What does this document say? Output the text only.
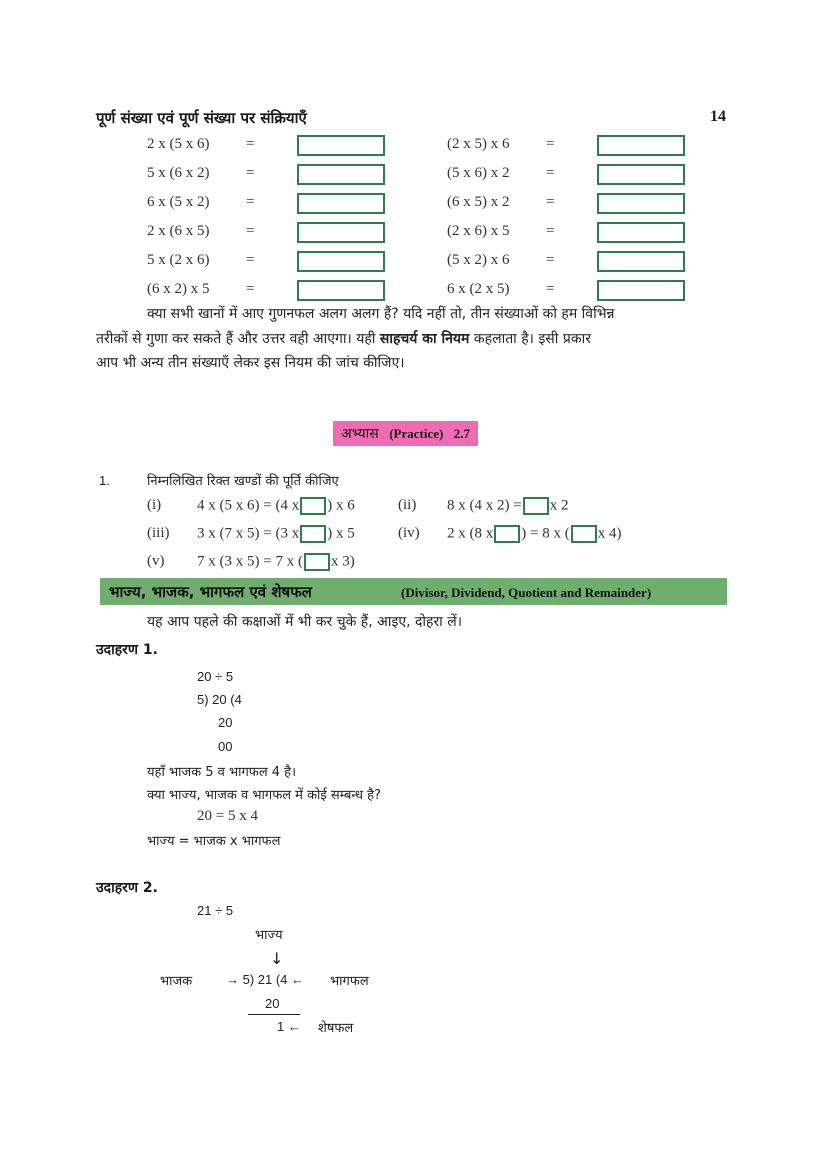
पूर्ण संख्या एवं पूर्ण संख्या पर संक्रियाएँ	14
2 x (5 x 6) =	(2 x 5) x 6 =
5 x (6 x 2) =	(5 x 6) x 2 =
6 x (5 x 2) =	(6 x 5) x 2 =
2 x (6 x 5) =	(2 x 6) x 5 =
5 x (2 x 6) =	(5 x 2) x 6 =
(6 x 2) x 5 =	6 x (2 x 5) =
क्या सभी खानों में आए गुणनफल अलग अलग हैं? यदि नहीं तो, तीन संख्याओं को हम विभिन्न
तरीकों से गुणा कर सकते हैं और उत्तर वही आएगा। यही साहचर्य का नियम कहलाता है। इसी प्रकार
आप भी अन्य तीन संख्याएँ लेकर इस नियम की जांच कीजिए।
अभ्यास (Practice) 2.7
1.	निम्नलिखित रिक्त खण्डों की पूर्ति कीजिए
(i) 4 x (5 x 6) = (4 x ) x 6	(ii) 8 x (4 x 2) = x 2
(iii) 3 x (7 x 5) = (3 x ) x 5	(iv) 2 x (8 x ) = 8 x ( x 4)
(v) 7 x (3 x 5) = 7 x ( x 3)
भाज्य, भाजक, भागफल एवं शेषफल	(Divisor, Dividend, Quotient and Remainder)
यह आप पहले की कक्षाओं में भी कर चुके हैं, आइए, दोहरा लें।
उदाहरण 1.
20 ÷ 5
5) 20 (4
20
00
यहाँ भाजक 5 व भागफल 4 है।
क्या भाज्य, भाजक व भागफल में कोई सम्बन्ध है?
20 = 5 x 4
भाज्य = भाजक x भागफल
उदाहरण 2.
21 ÷ 5
भाज्य
↓
भाजक	→ 5) 21 (4 ← भागफल
20
1 ← शेषफल
